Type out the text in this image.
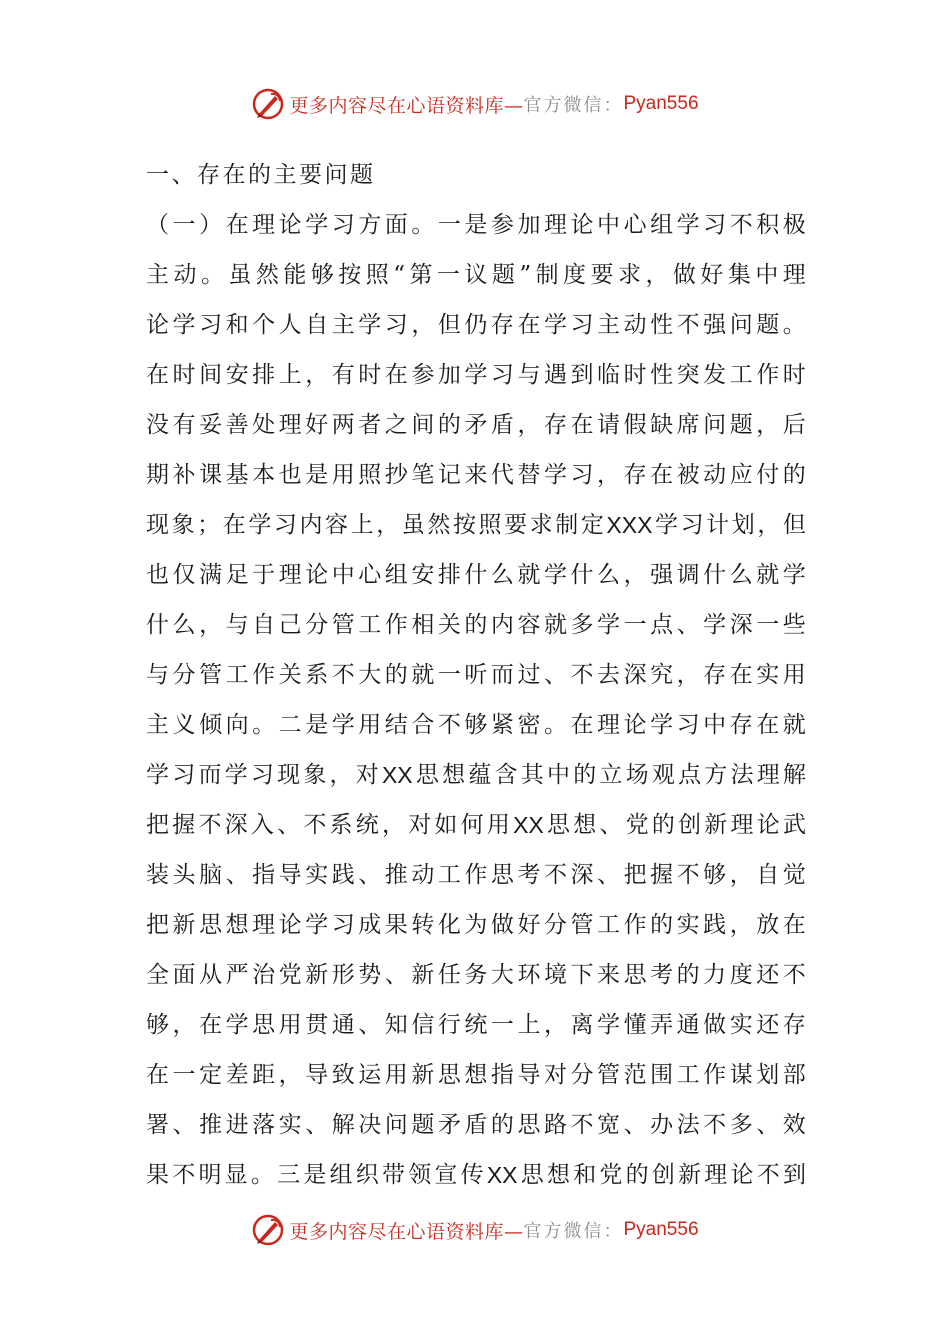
更多内容尽在心语资料库— 官方微信： Pyan556

一、存在的主要问题

（ 一 ） 在 理 论 学 习 方 面 。 一 是 参 加 理 论 中 心 组 学 习 不 积 极

主 动 。 虽 然 能 够 按 照 “ 第 一 议 题 ” 制 度 要 求 ， 做 好 集 中 理

论 学 习 和 个 人 自 主 学 习 ， 但 仍 存 在 学 习 主 动 性 不 强 问 题 。

在 时 间 安 排 上 ， 有 时 在 参 加 学 习 与 遇 到 临 时 性 突 发 工 作 时

没 有 妥 善 处 理 好 两 者 之 间 的 矛 盾 ， 存 在 请 假 缺 席 问 题 ， 后

期 补 课 基 本 也 是 用 照 抄 笔 记 来 代 替 学 习 ， 存 在 被 动 应 付 的

现 象 ； 在 学 习 内 容 上 ， 虽 然 按 照 要 求 制 定 XXX 学 习 计 划 ， 但

也 仅 满 足 于 理 论 中 心 组 安 排 什 么 就 学 什 么 ， 强 调 什 么 就 学

什 么 ， 与 自 己 分 管 工 作 相 关 的 内 容 就 多 学 一 点 、 学 深 一 些

与 分 管 工 作 关 系 不 大 的 就 一 听 而 过 、 不 去 深 究 ， 存 在 实 用

主 义 倾 向 。 二 是 学 用 结 合 不 够 紧 密 。 在 理 论 学 习 中 存 在 就

学 习 而 学 习 现 象 ， 对 XX 思 想 蕴 含 其 中 的 立 场 观 点 方 法 理 解

把 握 不 深 入 、 不 系 统 ， 对 如 何 用 XX 思 想 、 党 的 创 新 理 论 武

装 头 脑 、 指 导 实 践 、 推 动 工 作 思 考 不 深 、 把 握 不 够 ， 自 觉

把 新 思 想 理 论 学 习 成 果 转 化 为 做 好 分 管 工 作 的 实 践 ， 放 在

全 面 从 严 治 党 新 形 势 、 新 任 务 大 环 境 下 来 思 考 的 力 度 还 不

够 ， 在 学 思 用 贯 通 、 知 信 行 统 一 上 ， 离 学 懂 弄 通 做 实 还 存

在 一 定 差 距 ， 导 致 运 用 新 思 想 指 导 对 分 管 范 围 工 作 谋 划 部

署 、 推 进 落 实 、 解 决 问 题 矛 盾 的 思 路 不 宽 、 办 法 不 多 、 效

果 不 明 显 。 三 是 组 织 带 领 宣 传 XX 思 想 和 党 的 创 新 理 论 不 到

更多内容尽在心语资料库— 官方微信： Pyan556
